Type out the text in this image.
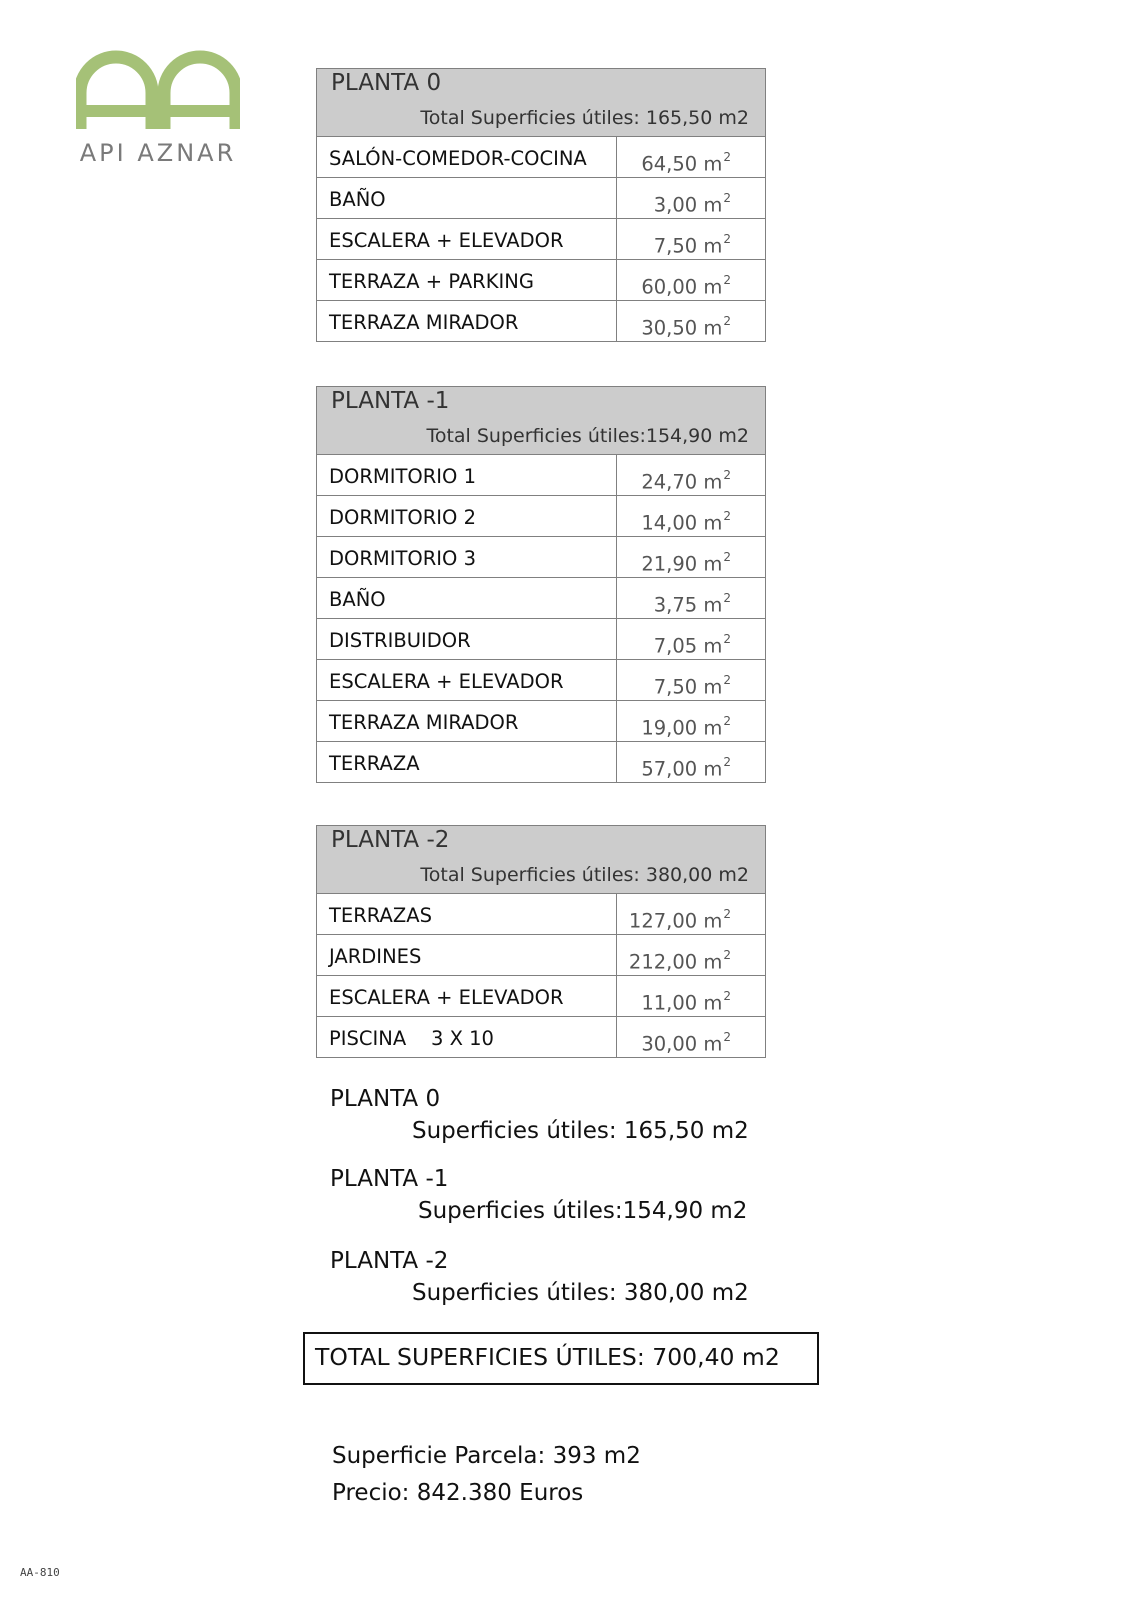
API AZNAR
PLANTA 0
Total Superficies útiles: 165,50 m2
SALÓN-COMEDOR-COCINA	64,50 $m^2$
BAÑO	3,00 $m^2$
ESCALERA + ELEVADOR	7,50 $m^2$
TERRAZA + PARKING	60,00 $m^2$
TERRAZA MIRADOR	30,50 $m^2$
PLANTA -1
Total Superficies útiles:154,90 m2
DORMITORIO 1	24,70 $m^2$
DORMITORIO 2	14,00 $m^2$
DORMITORIO 3	21,90 $m^2$
BAÑO	3,75 $m^2$
DISTRIBUIDOR	7,05 $m^2$
ESCALERA + ELEVADOR	7,50 $m^2$
TERRAZA MIRADOR	19,00 $m^2$
TERRAZA	57,00 $m^2$
PLANTA -2
Total Superficies útiles: 380,00 m2
TERRAZAS	127,00 $m^2$
JARDINES	212,00 $m^2$
ESCALERA + ELEVADOR	11,00 $m^2$
PISCINA    3 X 10	30,00 $m^2$
PLANTA 0
Superficies útiles: 165,50 m2
PLANTA -1
Superficies útiles:154,90 m2
PLANTA -2
Superficies útiles: 380,00 m2
TOTAL SUPERFICIES ÚTILES: 700,40 m2
Superficie Parcela: 393 m2
Precio: 842.380 Euros
AA-810
